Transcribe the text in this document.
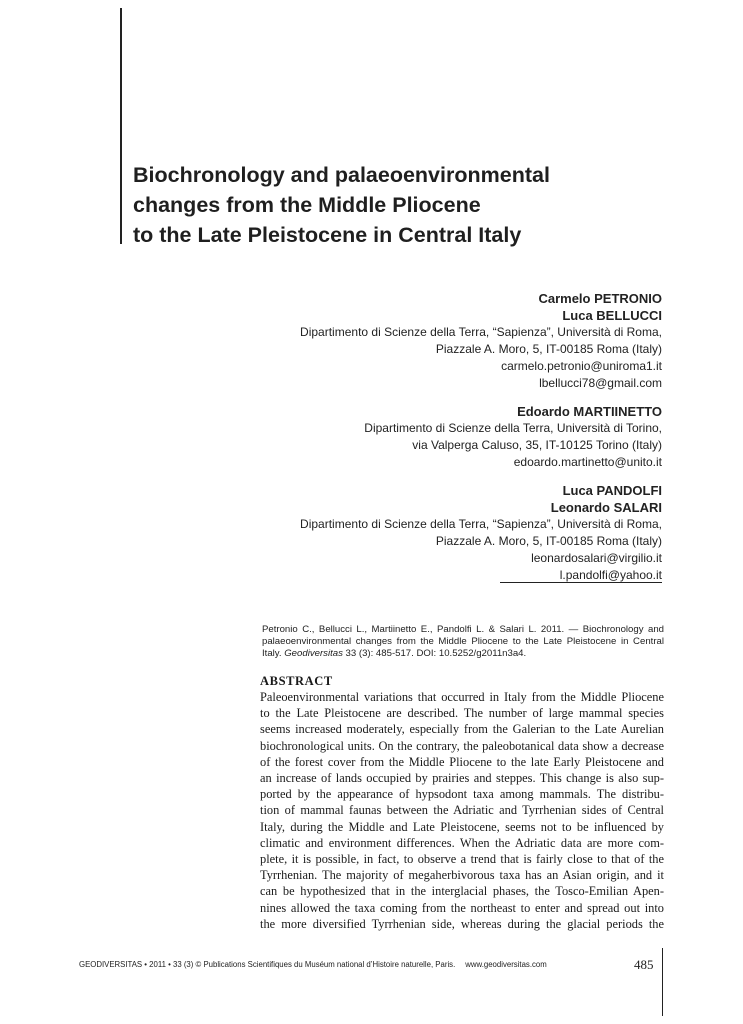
Biochronology and palaeoenvironmental
changes from the Middle Pliocene
to the Late Pleistocene in Central Italy
Carmelo PETRONIO
Luca BELLUCCI
Dipartimento di Scienze della Terra, “Sapienza”, Università di Roma,
Piazzale A. Moro, 5, IT-00185 Roma (Italy)
carmelo.petronio@uniroma1.it
lbellucci78@gmail.com
Edoardo MARTIINETTO
Dipartimento di Scienze della Terra, Università di Torino,
via Valperga Caluso, 35, IT-10125 Torino (Italy)
edoardo.martinetto@unito.it
Luca PANDOLFI
Leonardo SALARI
Dipartimento di Scienze della Terra, “Sapienza”, Università di Roma,
Piazzale A. Moro, 5, IT-00185 Roma (Italy)
leonardosalari@virgilio.it
l.pandolfi@yahoo.it

Petronio C., Bellucci L., Martiinetto E., Pandolfi L. & Salari L. 2011. — Biochronology and palaeoenvironmental changes from the Middle Pliocene to the Late Pleistocene in Central Italy. Geodiversitas 33 (3): 485-517. DOI: 10.5252/g2011n3a4.

ABSTRACT
Paleoenvironmental variations that occurred in Italy from the Middle Pliocene
to the Late Pleistocene are described. The number of large mammal species
seems increased moderately, especially from the Galerian to the Late Aurelian
biochronological units. On the contrary, the paleobotanical data show a decrease
of the forest cover from the Middle Pliocene to the late Early Pleistocene and
an increase of lands occupied by prairies and steppes. This change is also sup-
ported by the appearance of hypsodont taxa among mammals. The distribu-
tion of mammal faunas between the Adriatic and Tyrrhenian sides of Central
Italy, during the Middle and Late Pleistocene, seems not to be influenced by
climatic and environment differences. When the Adriatic data are more com-
plete, it is possible, in fact, to observe a trend that is fairly close to that of the
Tyrrhenian. The majority of megaherbivorous taxa has an Asian origin, and it
can be hypothesized that in the interglacial phases, the Tosco-Emilian Apen-
nines allowed the taxa coming from the northeast to enter and spread out into
the more diversified Tyrrhenian side, whereas during the glacial periods the
GEODIVERSITAS • 2011 • 33 (3) © Publications Scientifiques du Muséum national d’Histoire naturelle, Paris. www.geodiversitas.com	485
